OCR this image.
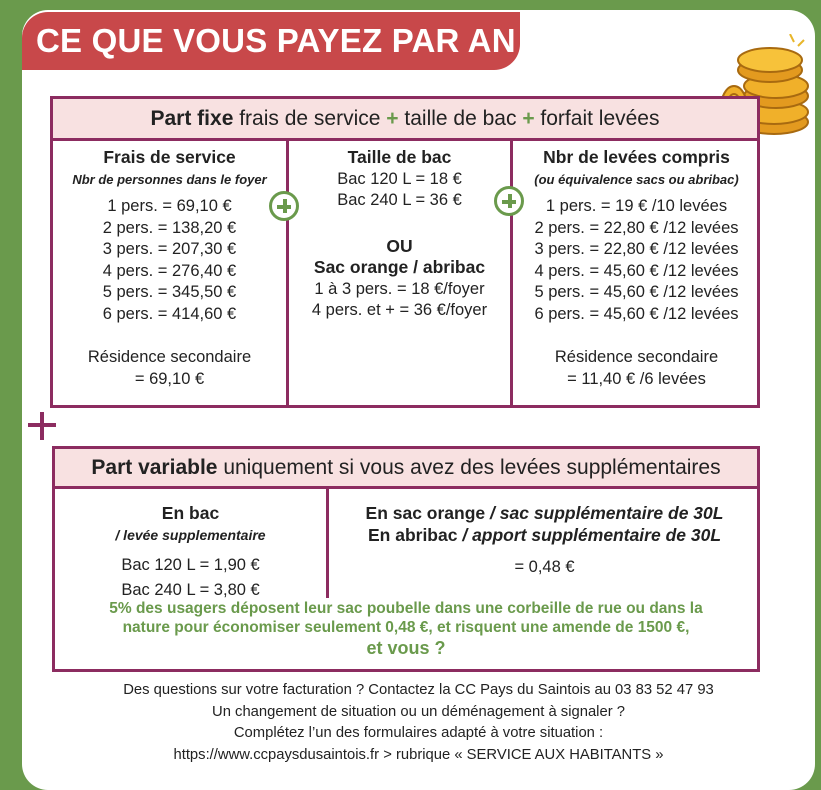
CE QUE VOUS PAYEZ PAR AN
Part fixe frais de service + taille de bac + forfait levées
Frais de service
Nbr de personnes dans le foyer
1 pers. = 69,10 €
2 pers. = 138,20 €
3 pers. = 207,30 €
4 pers. = 276,40 €
5 pers. = 345,50 €
6 pers. = 414,60 €
Résidence secondaire
= 69,10 €
Taille de bac
Bac 120 L = 18 €
Bac 240 L = 36 €
OU
Sac orange / abribac
1 à 3 pers. = 18 €/foyer
4 pers. et + = 36 €/foyer
Nbr de levées compris
(ou équivalence sacs ou abribac)
1 pers. = 19 € /10 levées
2 pers. = 22,80 € /12 levées
3 pers. = 22,80 € /12 levées
4 pers. = 45,60 € /12 levées
5 pers. = 45,60 € /12 levées
6 pers. = 45,60 € /12 levées
Résidence secondaire
= 11,40 € /6 levées
Part variable uniquement si vous avez des levées supplémentaires
En bac
/ levée supplementaire
Bac 120 L = 1,90 €
Bac 240 L = 3,80 €
En sac orange / sac supplémentaire de 30L
En abribac / apport supplémentaire de 30L
= 0,48 €
5% des usagers déposent leur sac poubelle dans une corbeille de rue ou dans la
nature pour économiser seulement 0,48 €, et risquent une amende de 1500 €,
et vous ?
Des questions sur votre facturation ? Contactez la CC Pays du Saintois au 03 83 52 47 93
Un changement de situation ou un déménagement à signaler ?
Complétez l’un des formulaires adapté à votre situation :
https://www.ccpaysdusaintois.fr > rubrique « SERVICE AUX HABITANTS »
